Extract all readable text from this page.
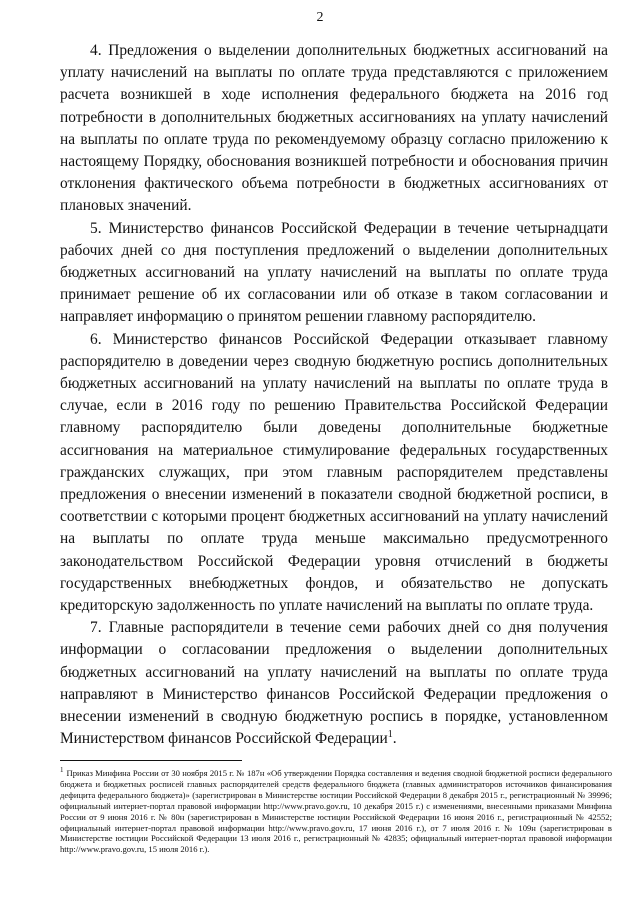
2

4. Предложения о выделении дополнительных бюджетных ассигнований на уплату начислений на выплаты по оплате труда представляются с приложением расчета возникшей в ходе исполнения федерального бюджета на 2016 год потребности в дополнительных бюджетных ассигнованиях на уплату начислений на выплаты по оплате труда по рекомендуемому образцу согласно приложению к настоящему Порядку, обоснования возникшей потребности и обоснования причин отклонения фактического объема потребности в бюджетных ассигнованиях от плановых значений.

5. Министерство финансов Российской Федерации в течение четырнадцати рабочих дней со дня поступления предложений о выделении дополнительных бюджетных ассигнований на уплату начислений на выплаты по оплате труда принимает решение об их согласовании или об отказе в таком согласовании и направляет информацию о принятом решении главному распорядителю.

6. Министерство финансов Российской Федерации отказывает главному распорядителю в доведении через сводную бюджетную роспись дополнительных бюджетных ассигнований на уплату начислений на выплаты по оплате труда в случае, если в 2016 году по решению Правительства Российской Федерации главному распорядителю были доведены дополнительные бюджетные ассигнования на материальное стимулирование федеральных государственных гражданских служащих, при этом главным распорядителем представлены предложения о внесении изменений в показатели сводной бюджетной росписи, в соответствии с которыми процент бюджетных ассигнований на уплату начислений на выплаты по оплате труда меньше максимально предусмотренного законодательством Российской Федерации уровня отчислений в бюджеты государственных внебюджетных фондов, и обязательство не допускать кредиторскую задолженность по уплате начислений на выплаты по оплате труда.

7. Главные распорядители в течение семи рабочих дней со дня получения информации о согласовании предложения о выделении дополнительных бюджетных ассигнований на уплату начислений на выплаты по оплате труда направляют в Министерство финансов Российской Федерации предложения о внесении изменений в сводную бюджетную роспись в порядке, установленном Министерством финансов Российской Федерации$^1$.

$^1$ Приказ Минфина России от 30 ноября 2015 г. № 187н «Об утверждении Порядка составления и ведения сводной бюджетной росписи федерального бюджета и бюджетных росписей главных распорядителей средств федерального бюджета (главных администраторов источников финансирования дефицита федерального бюджета)» (зарегистрирован в Министерстве юстиции Российской Федерации 8 декабря 2015 г., регистрационный № 39996; официальный интернет-портал правовой информации http://www.pravo.gov.ru, 10 декабря 2015 г.) с изменениями, внесенными приказами Минфина России от 9 июня 2016 г. № 80н (зарегистрирован в Министерстве юстиции Российской Федерации 16 июня 2016 г., регистрационный № 42552; официальный интернет-портал правовой информации http://www.pravo.gov.ru, 17 июня 2016 г.), от 7 июля 2016 г. № 109н (зарегистрирован в Министерстве юстиции Российской Федерации 13 июля 2016 г., регистрационный № 42835; официальный интернет-портал правовой информации http://www.pravo.gov.ru, 15 июля 2016 г.).
